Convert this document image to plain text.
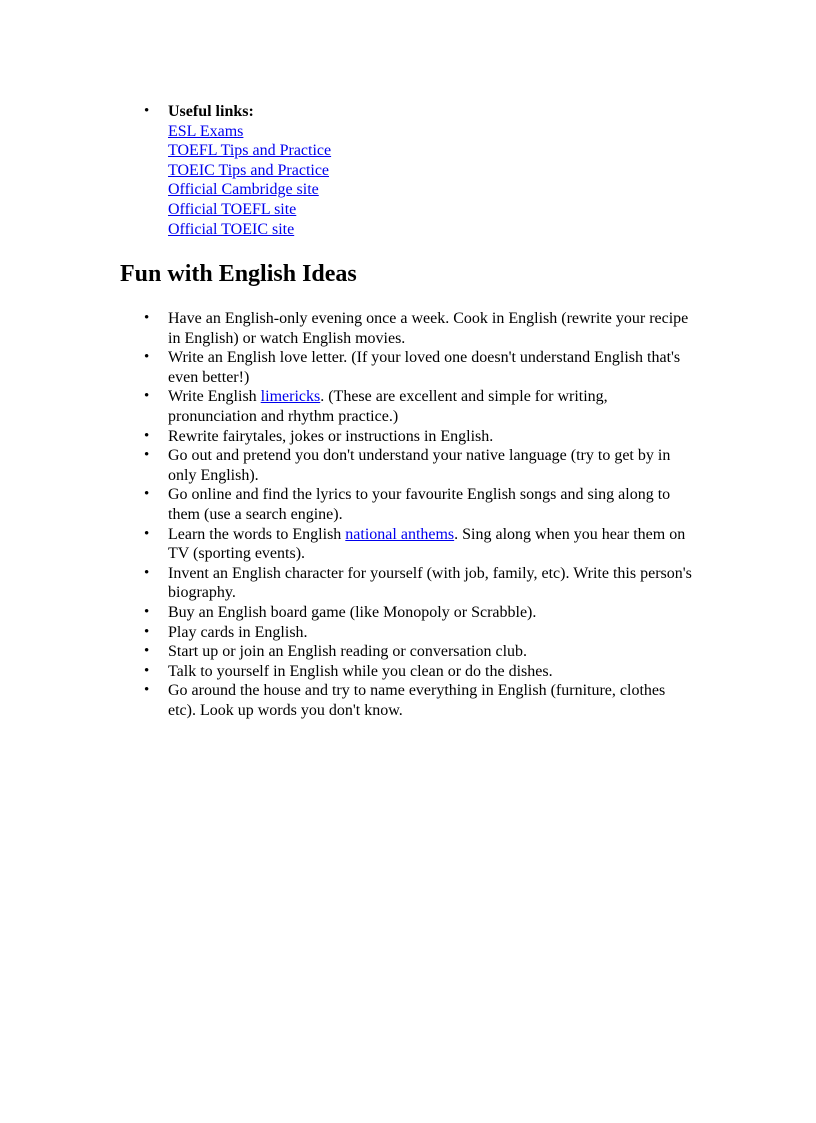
• Useful links:
ESL Exams
TOEFL Tips and Practice
TOEIC Tips and Practice
Official Cambridge site
Official TOEFL site
Official TOEIC site
Fun with English Ideas
• Have an English-only evening once a week. Cook in English (rewrite your recipe in English) or watch English movies.
• Write an English love letter. (If your loved one doesn't understand English that's even better!)
• Write English limericks. (These are excellent and simple for writing, pronunciation and rhythm practice.)
• Rewrite fairytales, jokes or instructions in English.
• Go out and pretend you don't understand your native language (try to get by in only English).
• Go online and find the lyrics to your favourite English songs and sing along to them (use a search engine).
• Learn the words to English national anthems. Sing along when you hear them on TV (sporting events).
• Invent an English character for yourself (with job, family, etc). Write this person's biography.
• Buy an English board game (like Monopoly or Scrabble).
• Play cards in English.
• Start up or join an English reading or conversation club.
• Talk to yourself in English while you clean or do the dishes.
• Go around the house and try to name everything in English (furniture, clothes etc). Look up words you don't know.
